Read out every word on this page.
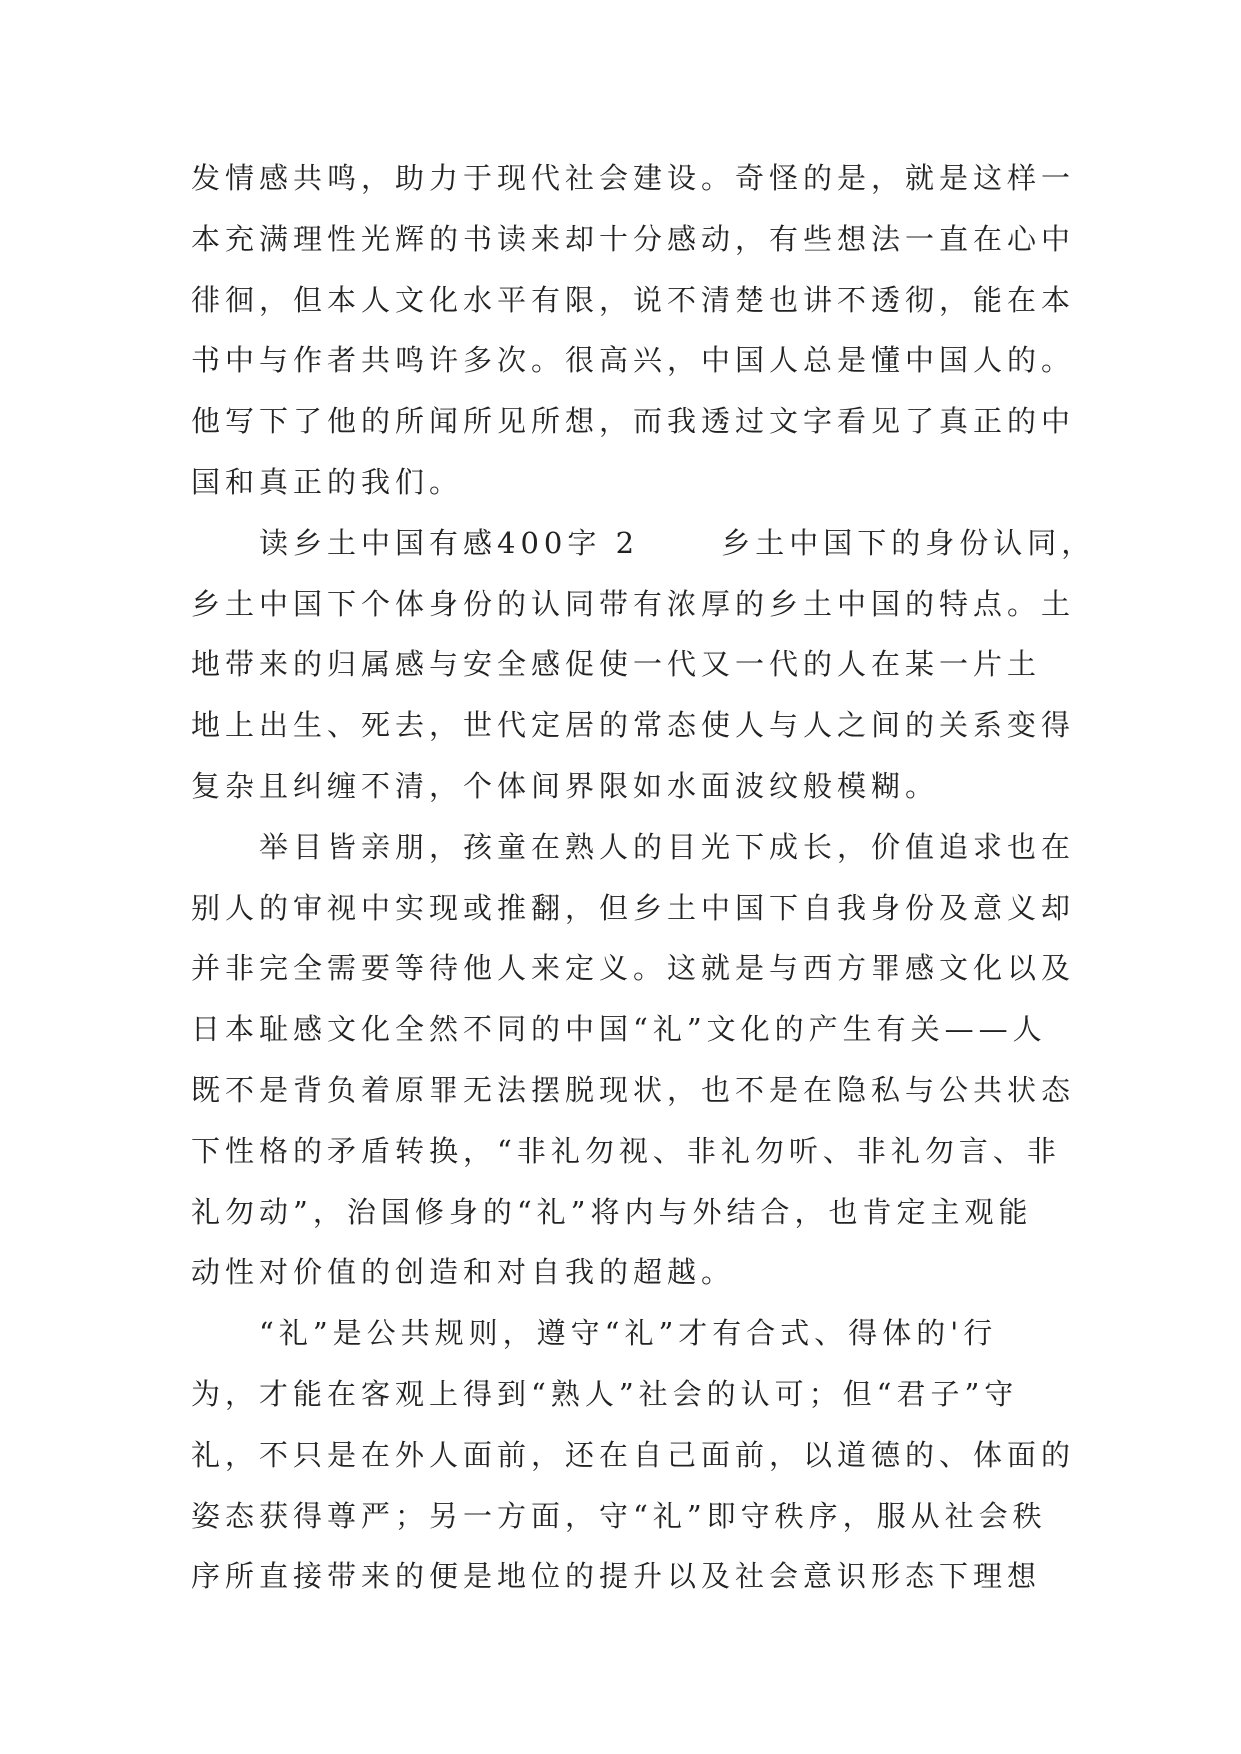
发情感共鸣，助力于现代社会建设。奇怪的是，就是这样一
本充满理性光辉的书读来却十分感动，有些想法一直在心中
徘徊，但本人文化水平有限，说不清楚也讲不透彻，能在本
书中与作者共鸣许多次。很高兴，中国人总是懂中国人的。
他写下了他的所闻所见所想，而我透过文字看见了真正的中
国和真正的我们。
　　读乡土中国有感400字 2　　 乡土中国下的身份认同，
乡土中国下个体身份的认同带有浓厚的乡土中国的特点。土
地带来的归属感与安全感促使一代又一代的人在某一片土
地上出生、死去，世代定居的常态使人与人之间的关系变得
复杂且纠缠不清，个体间界限如水面波纹般模糊。
　　举目皆亲朋，孩童在熟人的目光下成长，价值追求也在
别人的审视中实现或推翻，但乡土中国下自我身份及意义却
并非完全需要等待他人来定义。这就是与西方罪感文化以及
日本耻感文化全然不同的中国“礼”文化的产生有关——人
既不是背负着原罪无法摆脱现状，也不是在隐私与公共状态
下性格的矛盾转换，“非礼勿视、非礼勿听、非礼勿言、非
礼勿动”，治国修身的“礼”将内与外结合，也肯定主观能
动性对价值的创造和对自我的超越。
　　“礼”是公共规则，遵守“礼”才有合式、得体的'行
为，才能在客观上得到“熟人”社会的认可；但“君子”守
礼，不只是在外人面前，还在自己面前，以道德的、体面的
姿态获得尊严；另一方面，守“礼”即守秩序，服从社会秩
序所直接带来的便是地位的提升以及社会意识形态下理想
